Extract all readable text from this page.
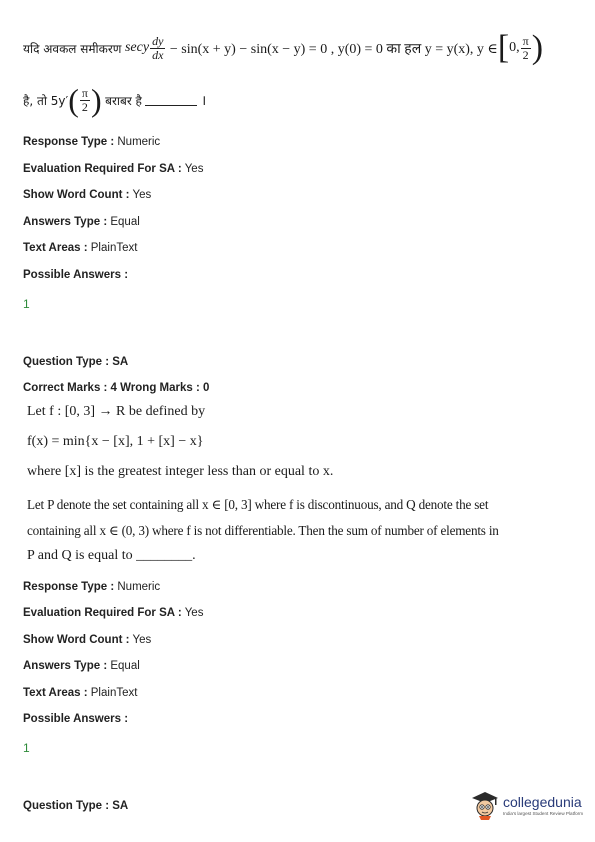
यदि अवकल समीकरण
secy $\frac{dy}{dx}$
− sin(x + y) − sin(x − y) = 0 , y(0) = 0 का हल y = y(x), y ∈ [ 0, $\frac{\pi}{2}$ )
है, तो 5y′ ( $\frac{\pi}{2}$ )
बराबर है

	।
Response Type : Numeric
Evaluation Required For SA : Yes
Show Word Count : Yes
Answers Type : Equal
Text Areas : PlainText
Possible Answers :
1
Question Type : SA
Correct Marks : 4 Wrong Marks : 0
Let f : [0, 3] → R be defined by
f(x) = min{x − [x], 1 + [x] − x}
where [x] is the greatest integer less than or equal to x.
Let P denote the set containing all x ∈ [0, 3] where f is discontinuous, and Q denote the set
containing all x ∈ (0, 3) where f is not differentiable. Then the sum of number of elements in
P and Q is equal to ________.
Response Type : Numeric
Evaluation Required For SA : Yes
Show Word Count : Yes
Answers Type : Equal
Text Areas : PlainText
Possible Answers :
1
Question Type : SA	collegedunia
India's largest Student Review Platform
